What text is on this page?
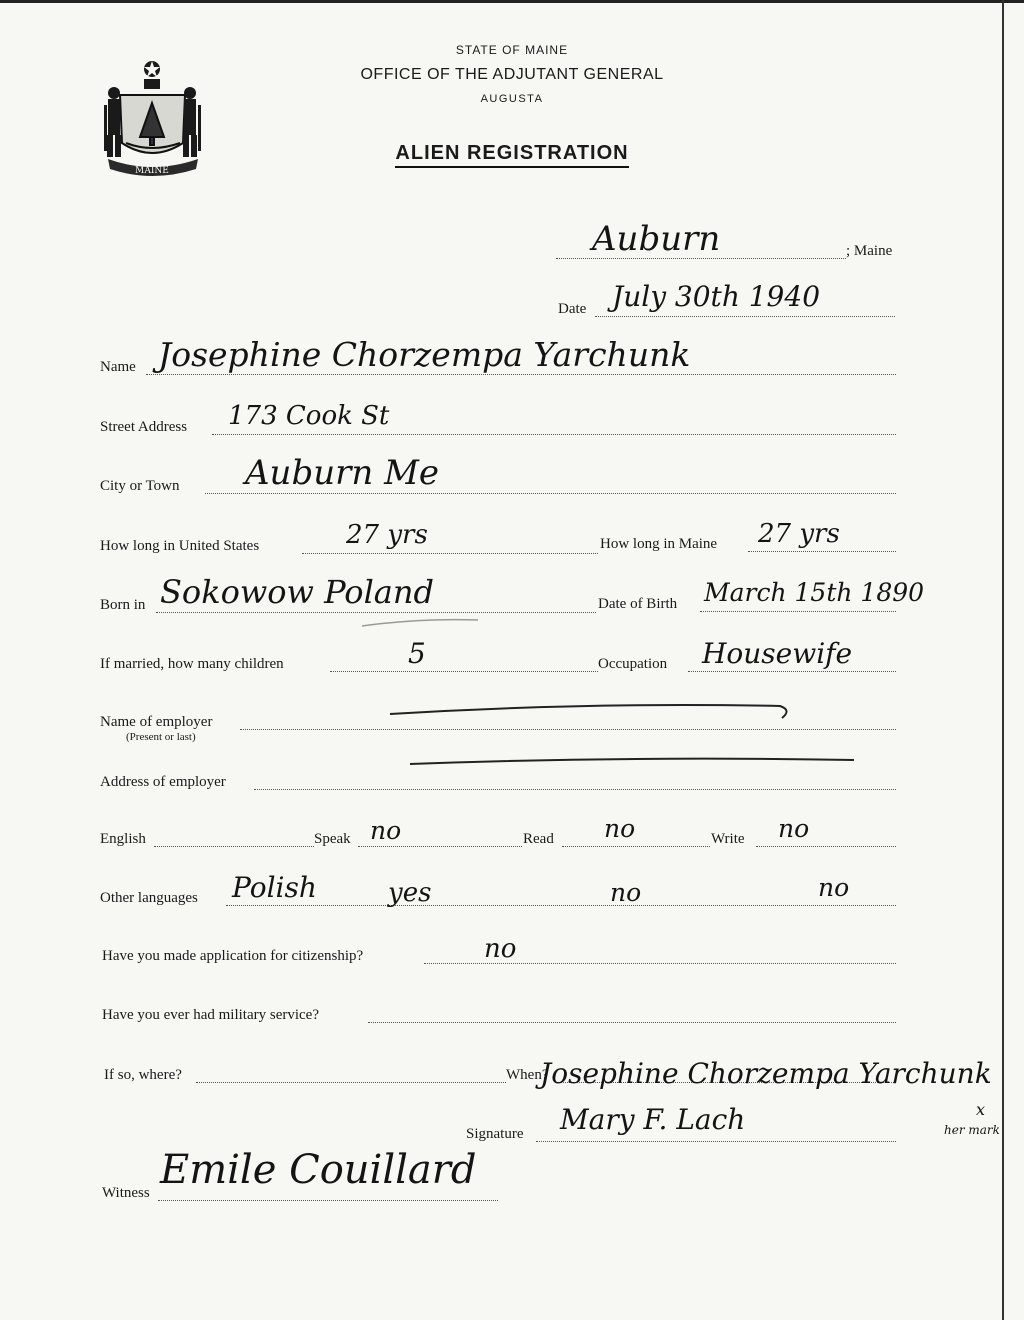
MAINE
STATE OF MAINE
OFFICE OF THE ADJUTANT GENERAL
AUGUSTA
ALIEN REGISTRATION
Auburn	; Maine
Date July 30th 1940
Name Josephine Chorzempa Yarchunk
Street Address 173 Cook St
City or Town Auburn Me
How long in United States	27 yrs	How long in Maine 27 yrs
Born in Sokowow Poland	Date of Birth March 15th 1890
If married, how many children	5	Occupation Housewife
Name of employer
(Present or last)
Address of employer
English	Speak no	Read no	Write no
Other languages Polish	yes	no	no
Have you made application for citizenship?	no
Have you ever had military service?
If so, where?	When?
Josephine Chorzempa Yarchunk
Signature Mary F. Lach	x
her mark
Witness Emile Couillard
